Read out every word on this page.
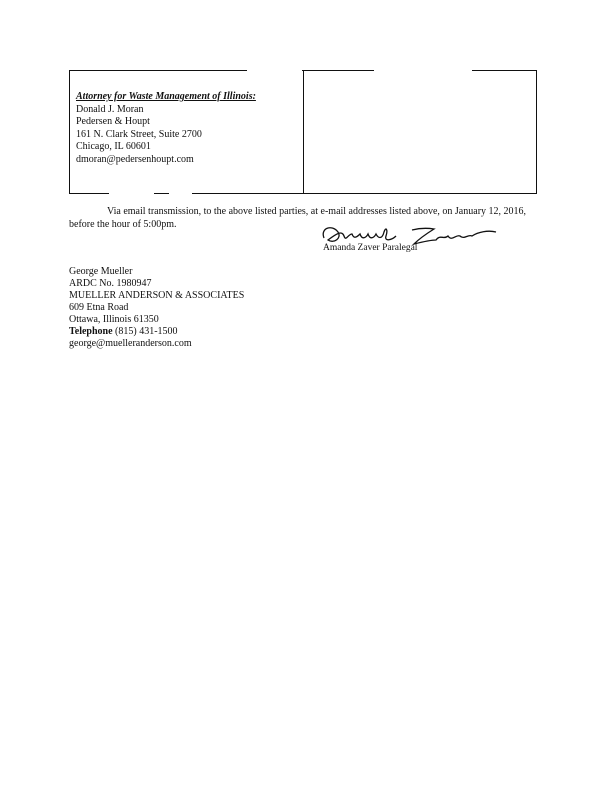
Attorney for Waste Management of Illinois:
Donald J. Moran
Pedersen & Houpt
161 N. Clark Street, Suite 2700
Chicago, IL 60601
dmoran@pedersenhoupt.com
Via email transmission, to the above listed parties, at e-mail addresses listed above, on January 12, 2016, before the hour of 5:00pm.
Amanda Zaver Paralegal
George Mueller
ARDC No. 1980947
MUELLER ANDERSON & ASSOCIATES
609 Etna Road
Ottawa, Illinois 61350
Telephone (815) 431-1500
george@muelleranderson.com
